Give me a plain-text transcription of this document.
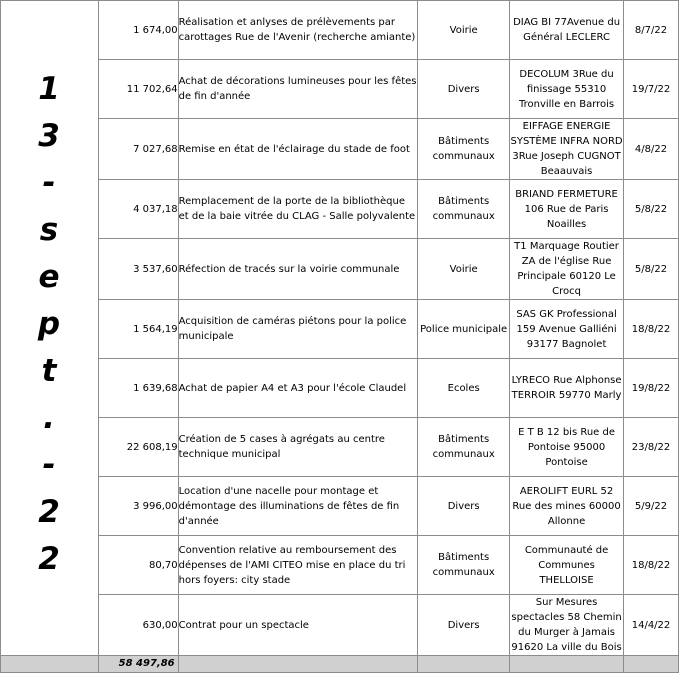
	1 674,00	Réalisation et anlyses de prélèvements par carottages Rue de l'Avenir (recherche amiante)	Voirie	DIAG BI 77Avenue du Général LECLERC	8/7/22
	11 702,64	Achat de décorations lumineuses pour les fêtes de fin d'année	Divers	DECOLUM 3Rue du finissage 55310 Tronville en Barrois	19/7/22
	7 027,68	Remise en état de l'éclairage du stade de foot	Bâtiments communaux	EIFFAGE ENERGIE SYSTÈME INFRA NORD 3Rue Joseph CUGNOT Beaauvais	4/8/22
	4 037,18	Remplacement de la porte de la bibliothèque et de la baie vitrée du CLAG - Salle polyvalente	Bâtiments communaux	BRIAND FERMETURE 106 Rue de Paris Noailles	5/8/22
	3 537,60	Réfection de tracés sur la voirie communale	Voirie	T1 Marquage Routier ZA de l'église Rue Principale 60120 Le Crocq	5/8/22
	1 564,19	Acquisition de caméras piétons pour la police municipale	Police municipale	SAS GK Professional 159 Avenue Galliéni 93177 Bagnolet	18/8/22
	1 639,68	Achat de papier A4 et A3 pour l'école Claudel	Ecoles	LYRECO Rue Alphonse TERROIR 59770 Marly	19/8/22
	22 608,19	Création de 5 cases à agrégats au centre technique municipal	Bâtiments communaux	E T B 12 bis Rue de Pontoise 95000 Pontoise	23/8/22
	3 996,00	Location d'une nacelle pour montage et démontage des illuminations de fêtes de fin d'année	Divers	AEROLIFT EURL 52 Rue des mines 60000 Allonne	5/9/22
	80,70	Convention relative au remboursement des dépenses de l'AMI CITEO mise en place du tri hors foyers: city stade	Bâtiments communaux	Communauté de Communes THELLOISE	18/8/22
	630,00	Contrat pour un spectacle	Divers	Sur Mesures spectacles 58 Chemin du Murger à Jamais 91620 La ville du Bois	14/4/22
	58 497,86				
1
3
-
s
e
p
t
.
-
2
2
